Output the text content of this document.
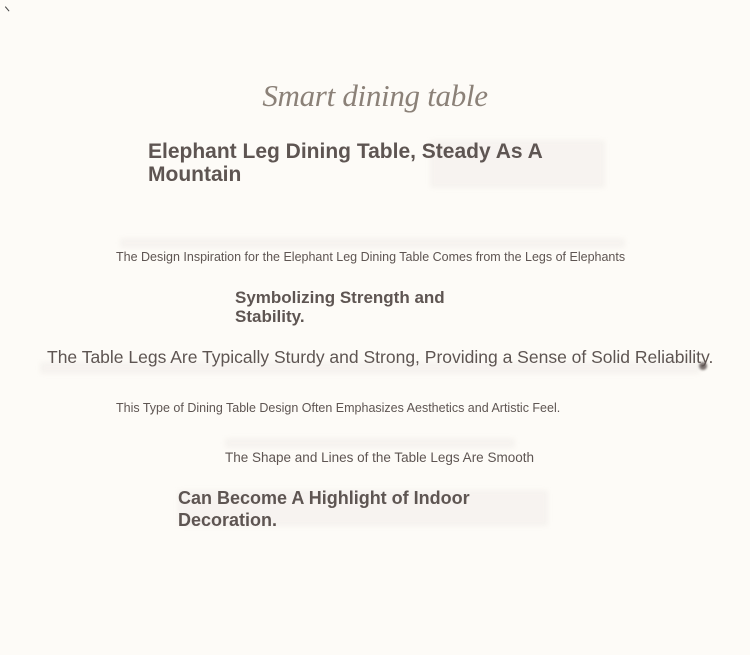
Smart dining table
Elephant Leg Dining Table, Steady As A Mountain

The Design Inspiration for the Elephant Leg Dining Table Comes from the Legs of Elephants

Symbolizing Strength and Stability.

The Table Legs Are Typically Sturdy and Strong, Providing a Sense of Solid Reliability.

This Type of Dining Table Design Often Emphasizes Aesthetics and Artistic Feel.

The Shape and Lines of the Table Legs Are Smooth

Can Become A Highlight of Indoor Decoration.
